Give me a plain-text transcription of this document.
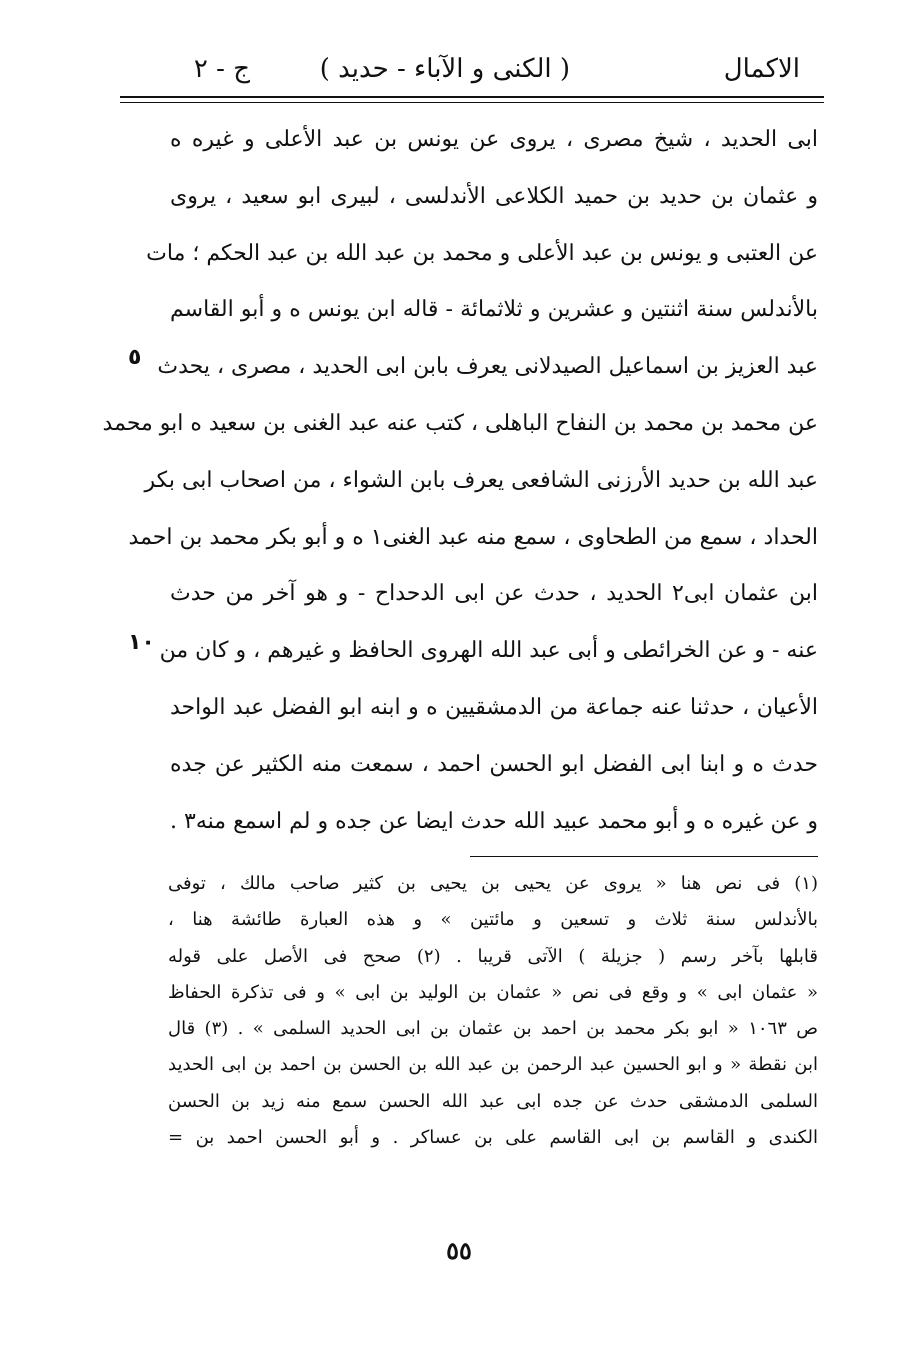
الاكمال
( الكنى و الآباء - حديد )
ج - ٢
ابى الحديد ، شيخ مصرى ، يروى عن يونس بن عبد الأعلى و غيره ه
و عثمان بن حديد بن حميد الكلاعى الأندلسى ، لبيرى ابو سعيد ، يروى
عن العتبى و يونس بن عبد الأعلى و محمد بن عبد الله بن عبد الحكم ؛ مات
بالأندلس سنة اثنتين و عشرين و ثلاثمائة - قاله ابن يونس ه و أبو القاسم
عبد العزيز بن اسماعيل الصيدلانى يعرف بابن ابى الحديد ، مصرى ، يحدث
عن محمد بن محمد بن النفاح الباهلى ، كتب عنه عبد الغنى بن سعيد ه ابو محمد
عبد الله بن حديد الأرزنى الشافعى يعرف بابن الشواء ، من اصحاب ابى بكر
الحداد ، سمع من الطحاوى ، سمع منه عبد الغنى١ ه و أبو بكر محمد بن احمد
ابن عثمان ابى٢ الحديد ، حدث عن ابى الدحداح - و هو آخر من حدث
عنه - و عن الخرائطى و أبى عبد الله الهروى الحافظ و غيرهم ، و كان من
الأعيان ، حدثنا عنه جماعة من الدمشقيين ه و ابنه ابو الفضل عبد الواحد
حدث ه و ابنا ابى الفضل ابو الحسن احمد ، سمعت منه الكثير عن جده
و عن غيره ه و أبو محمد عبيد الله حدث ايضا عن جده و لم اسمع منه٣ .
٥
١٠
(١) فى نص هنا « يروى عن يحيى بن يحيى بن كثير صاحب مالك ، توفى
بالأندلس سنة ثلاث و تسعين و مائتين » و هذه العبارة طائشة هنا ،
قابلها بآخر رسم ( جزيلة ) الآتى قريبا . (٢) صحح فى الأصل على قوله
« عثمان ابى » و وقع فى نص « عثمان بن الوليد بن ابى » و فى تذكرة الحفاظ
ص ١٠٦٣ « ابو بكر محمد بن احمد بن عثمان بن ابى الحديد السلمى » . (٣) قال
ابن نقطة « و ابو الحسين عبد الرحمن بن عبد الله بن الحسن بن احمد بن ابى الحديد
السلمى الدمشقى حدث عن جده ابى عبد الله الحسن سمع منه زيد بن الحسن
الكندى و القاسم بن ابى القاسم على بن عساكر . و أبو الحسن احمد بن =
٥٥
